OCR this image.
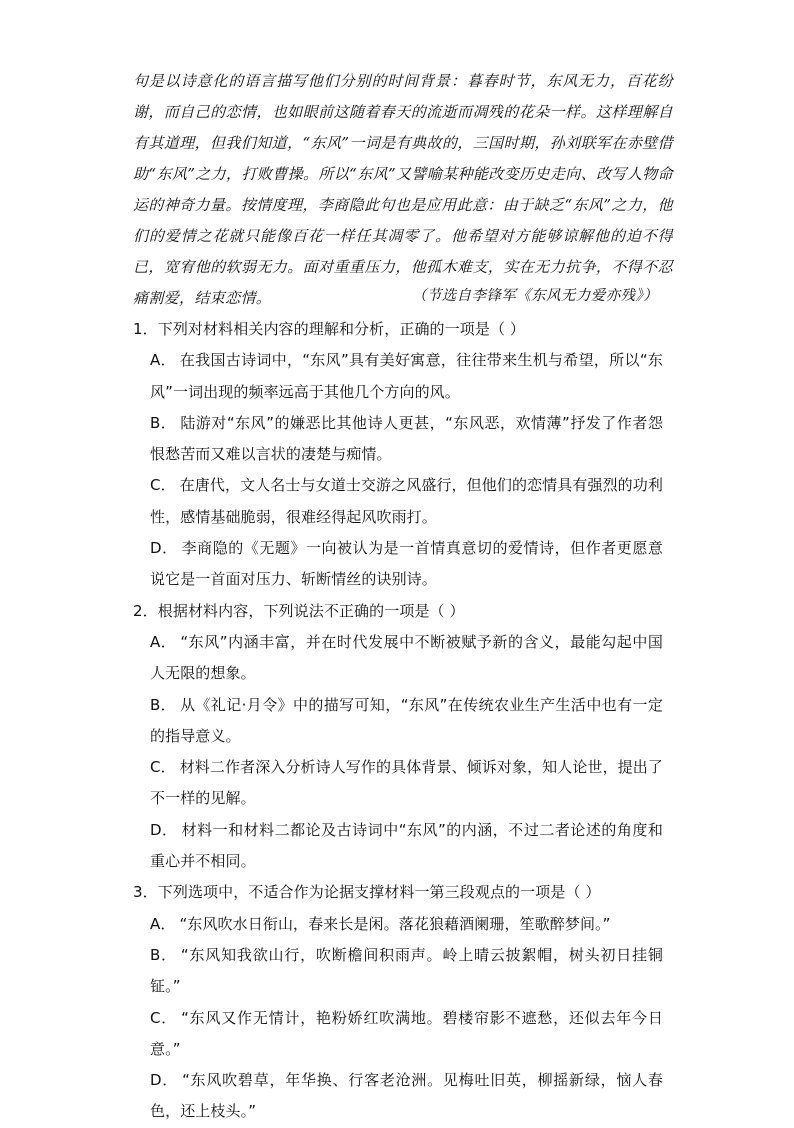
句是以诗意化的语言描写他们分别的时间背景：暮春时节，东风无力，百花纷谢，而自己的恋情，也如眼前这随着春天的流逝而凋残的花朵一样。这样理解自有其道理，但我们知道，“东风”一词是有典故的，三国时期，孙刘联军在赤壁借助“东风”之力，打败曹操。所以“东风”又譬喻某种能改变历史走向、改写人物命运的神奇力量。按情度理，李商隐此句也是应用此意：由于缺乏“东风”之力，他们的爱情之花就只能像百花一样任其凋零了。他希望对方能够谅解他的迫不得已，宽宥他的软弱无力。面对重重压力，他孤木难支，实在无力抗争，不得不忍痛割爱，结束恋情。	（节选自李锋军《东风无力爱亦残》）

1．下列对材料相关内容的理解和分析，正确的一项是（ ）

A． 在我国古诗词中，“东风”具有美好寓意，往往带来生机与希望，所以“东风”一词出现的频率远高于其他几个方向的风。

B． 陆游对“东风”的嫌恶比其他诗人更甚，“东风恶，欢情薄”抒发了作者怨恨愁苦而又难以言状的凄楚与痴情。

C． 在唐代，文人名士与女道士交游之风盛行，但他们的恋情具有强烈的功利性，感情基础脆弱，很难经得起风吹雨打。

D． 李商隐的《无题》一向被认为是一首情真意切的爱情诗，但作者更愿意说它是一首面对压力、斩断情丝的诀别诗。

2．根据材料内容，下列说法不正确的一项是（ ）

A． “东风”内涵丰富，并在时代发展中不断被赋予新的含义，最能勾起中国人无限的想象。

B． 从《礼记·月令》中的描写可知，“东风”在传统农业生产生活中也有一定的指导意义。

C． 材料二作者深入分析诗人写作的具体背景、倾诉对象，知人论世，提出了不一样的见解。

D． 材料一和材料二都论及古诗词中“东风”的内涵，不过二者论述的角度和重心并不相同。

3．下列选项中，不适合作为论据支撑材料一第三段观点的一项是（ ）

A． “东风吹水日衔山，春来长是闲。落花狼藉酒阑珊，笙歌醉梦间。”

B． “东风知我欲山行，吹断檐间积雨声。岭上晴云披絮帽，树头初日挂铜钲。”

C． “东风又作无情计，艳粉娇红吹满地。碧楼帘影不遮愁，还似去年今日意。”

D． “东风吹碧草，年华换、行客老沧洲。见梅吐旧英，柳摇新绿，恼人春色，还上枝头。”
